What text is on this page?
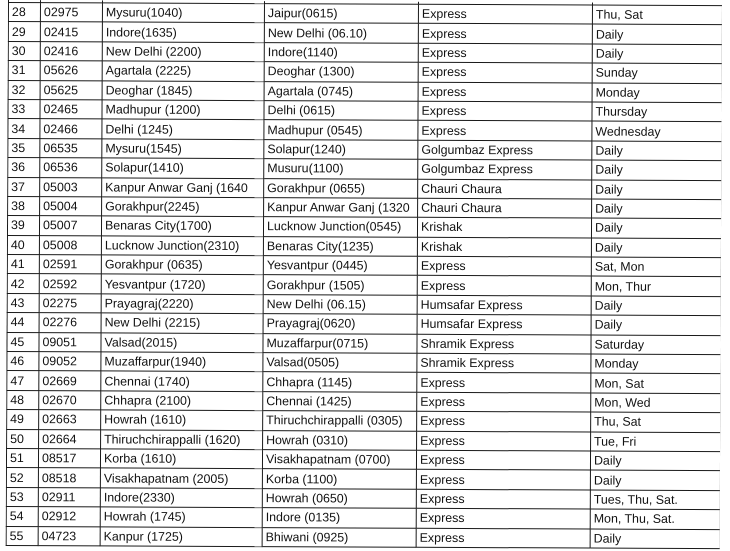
28	02975	Mysuru(1040)	Jaipur(0615)	Express	Thu, Sat
29	02415	Indore(1635)	New Delhi (06.10)	Express	Daily
30	02416	New Delhi (2200)	Indore(1140)	Express	Daily
31	05626	Agartala (2225)	Deoghar (1300)	Express	Sunday
32	05625	Deoghar (1845)	Agartala (0745)	Express	Monday
33	02465	Madhupur (1200)	Delhi (0615)	Express	Thursday
34	02466	Delhi (1245)	Madhupur (0545)	Express	Wednesday
35	06535	Mysuru(1545)	Solapur(1240)	Golgumbaz Express	Daily
36	06536	Solapur(1410)	Musuru(1100)	Golgumbaz Express	Daily
37	05003	Kanpur Anwar Ganj (1640	Gorakhpur (0655)	Chauri Chaura	Daily
38	05004	Gorakhpur(2245)	Kanpur Anwar Ganj (1320	Chauri Chaura	Daily
39	05007	Benaras City(1700)	Lucknow Junction(0545)	Krishak	Daily
40	05008	Lucknow Junction(2310)	Benaras City(1235)	Krishak	Daily
41	02591	Gorakhpur (0635)	Yesvantpur (0445)	Express	Sat, Mon
42	02592	Yesvantpur (1720)	Gorakhpur (1505)	Express	Mon, Thur
43	02275	Prayagraj(2220)	New Delhi (06.15)	Humsafar Express	Daily
44	02276	New Delhi (2215)	Prayagraj(0620)	Humsafar Express	Daily
45	09051	Valsad(2015)	Muzaffarpur(0715)	Shramik Express	Saturday
46	09052	Muzaffarpur(1940)	Valsad(0505)	Shramik Express	Monday
47	02669	Chennai (1740)	Chhapra (1145)	Express	Mon, Sat
48	02670	Chhapra (2100)	Chennai (1425)	Express	Mon, Wed
49	02663	Howrah (1610)	Thiruchchirappalli (0305)	Express	Thu, Sat
50	02664	Thiruchchirappalli (1620)	Howrah (0310)	Express	Tue, Fri
51	08517	Korba (1610)	Visakhapatnam (0700)	Express	Daily
52	08518	Visakhapatnam (2005)	Korba (1100)	Express	Daily
53	02911	Indore(2330)	Howrah (0650)	Express	Tues, Thu, Sat.
54	02912	Howrah (1745)	Indore (0135)	Express	Mon, Thu, Sat.
55	04723	Kanpur (1725)	Bhiwani (0925)	Express	Daily
